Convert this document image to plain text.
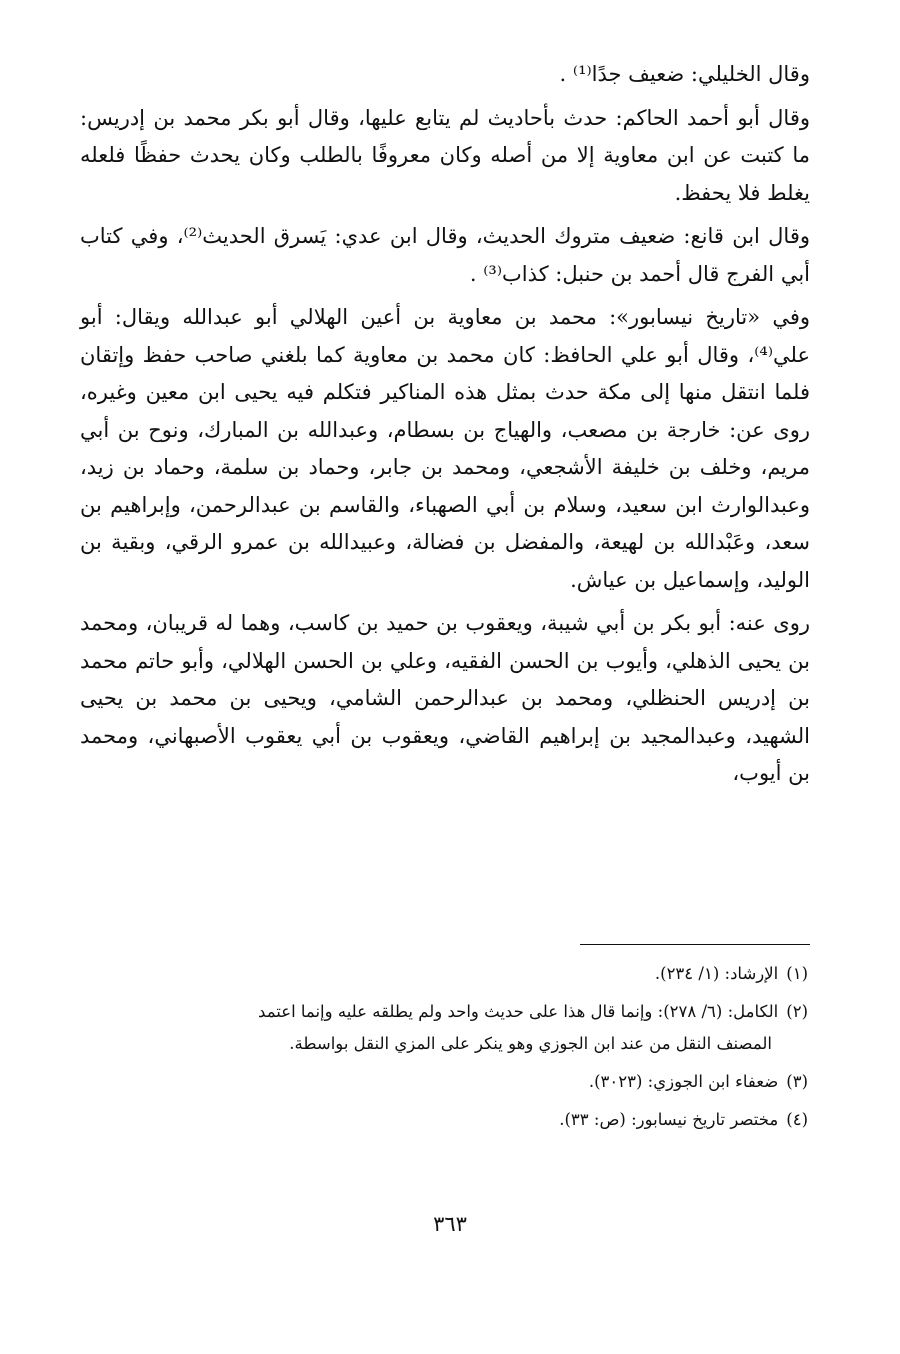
وقال الخليلي: ضعيف جدًا⁽¹⁾ .

وقال أبو أحمد الحاكم: حدث بأحاديث لم يتابع عليها، وقال أبو بكر محمد بن إدريس: ما كتبت عن ابن معاوية إلا من أصله وكان معروفًا بالطلب وكان يحدث حفظًا فلعله يغلط فلا يحفظ.

وقال ابن قانع: ضعيف متروك الحديث، وقال ابن عدي: يَسرق الحديث⁽²⁾، وفي كتاب أبي الفرج قال أحمد بن حنبل: كذاب⁽³⁾ .

وفي «تاريخ نيسابور»: محمد بن معاوية بن أعين الهلالي أبو عبدالله ويقال: أبو علي⁽⁴⁾، وقال أبو علي الحافظ: كان محمد بن معاوية كما بلغني صاحب حفظ وإتقان فلما انتقل منها إلى مكة حدث بمثل هذه المناكير فتكلم فيه يحيى ابن معين وغيره، روى عن: خارجة بن مصعب، والهياج بن بسطام، وعبدالله بن المبارك، ونوح بن أبي مريم، وخلف بن خليفة الأشجعي، ومحمد بن جابر، وحماد بن سلمة، وحماد بن زيد، وعبدالوارث ابن سعيد، وسلام بن أبي الصهباء، والقاسم بن عبدالرحمن، وإبراهيم بن سعد، وعَبْدالله بن لهيعة، والمفضل بن فضالة، وعبيدالله بن عمرو الرقي، وبقية بن الوليد، وإسماعيل بن عياش.

روى عنه: أبو بكر بن أبي شيبة، ويعقوب بن حميد بن كاسب، وهما له قريبان، ومحمد بن يحيى الذهلي، وأيوب بن الحسن الفقيه، وعلي بن الحسن الهلالي، وأبو حاتم محمد بن إدريس الحنظلي، ومحمد بن عبدالرحمن الشامي، ويحيى بن محمد بن يحيى الشهيد، وعبدالمجيد بن إبراهيم القاضي، ويعقوب بن أبي يعقوب الأصبهاني، ومحمد بن أيوب،

(١)الإرشاد: (١/ ٢٣٤).
(٢)الكامل: (٦/ ٢٧٨): وإنما قال هذا على حديث واحد ولم يطلقه عليه وإنما اعتمد
المصنف النقل من عند ابن الجوزي وهو ينكر على المزي النقل بواسطة.
(٣)ضعفاء ابن الجوزي: (٣٠٢٣).
(٤)مختصر تاريخ نيسابور: (ص: ٣٣).
٣٦٣
